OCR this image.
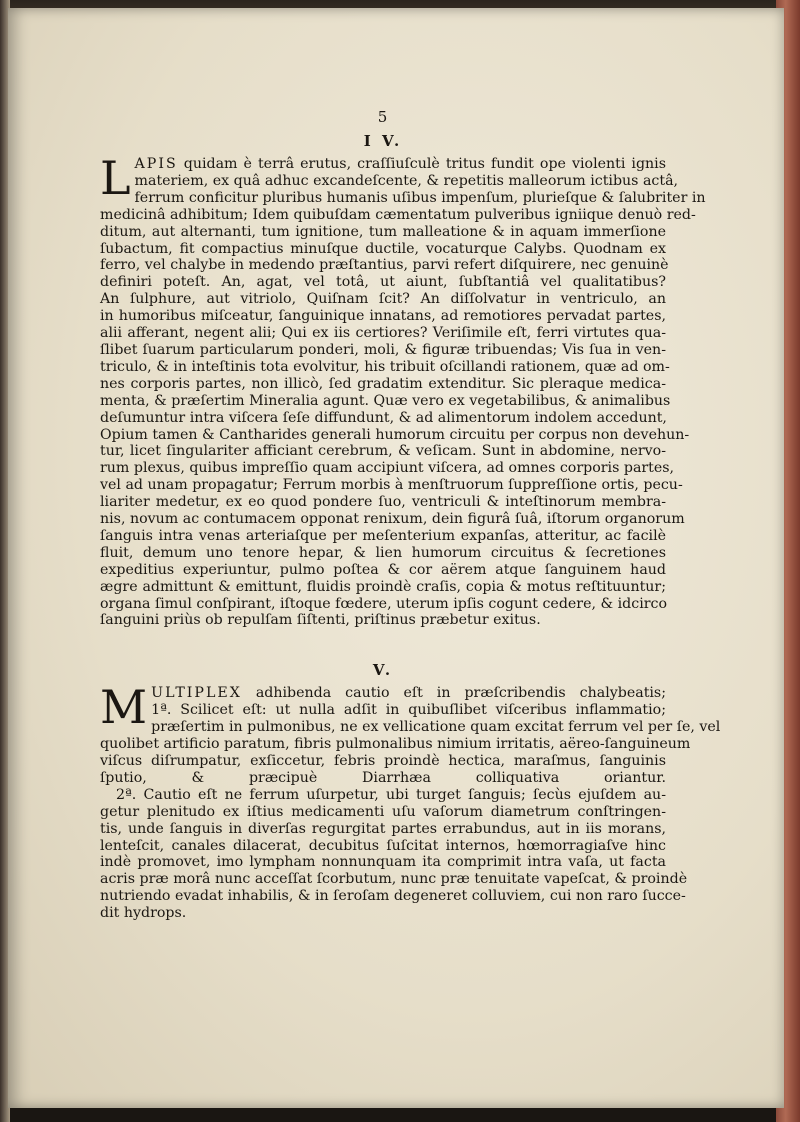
5
I V.
L APIS quidam è terrâ erutus, craſſiuſculè tritus fundit ope violenti ignis
materiem, ex quâ adhuc excandeſcente, & repetitis malleorum ictibus actâ,
ferrum conficitur pluribus humanis uſibus impenſum, plurieſque & ſalubriter in
medicinâ adhibitum; Idem quibuſdam cæmentatum pulveribus igniique denuò red-
ditum, aut alternanti, tum ignitione, tum malleatione & in aquam immerſione
ſubactum, fit compactius minuſque ductile, vocaturque Calybs. Quodnam ex
ferro, vel chalybe in medendo præſtantius, parvi refert diſquirere, nec genuinè
definiri poteſt. An, agat, vel totâ, ut aiunt, ſubſtantiâ vel qualitatibus?
An ſulphure, aut vitriolo, Quiſnam ſcit? An diſſolvatur in ventriculo, an
in humoribus miſceatur, ſanguinique innatans, ad remotiores pervadat partes,
alii afferant, negent alii; Qui ex iis certiores? Veriſimile eſt, ferri virtutes qua-
ſlibet ſuarum particularum ponderi, moli, & figuræ tribuendas; Vis ſua in ven-
triculo, & in inteſtinis tota evolvitur, his tribuit oſcillandi rationem, quæ ad om-
nes corporis partes, non illicò, ſed gradatim extenditur. Sic pleraque medica-
menta, & præſertim Mineralia agunt. Quæ vero ex vegetabilibus, & animalibus
deſumuntur intra viſcera ſeſe diffundunt, & ad alimentorum indolem accedunt,
Opium tamen & Cantharides generali humorum circuitu per corpus non devehun-
tur, licet ſingulariter afficiant cerebrum, & veſicam. Sunt in abdomine, nervo-
rum plexus, quibus impreſſio quam accipiunt viſcera, ad omnes corporis partes,
vel ad unam propagatur; Ferrum morbis à menſtruorum ſuppreſſione ortis, pecu-
liariter medetur, ex eo quod pondere ſuo, ventriculi & inteſtinorum membra-
nis, novum ac contumacem opponat renixum, dein figurâ ſuâ, iſtorum organorum
ſanguis intra venas arteriaſque per meſenterium expanſas, atteritur, ac facilè
fluit, demum uno tenore hepar, & lien humorum circuitus & ſecretiones
expeditius experiuntur, pulmo poſtea & cor aërem atque ſanguinem haud
ægre admittunt & emittunt, fluidis proindè craſis, copia & motus reſtituuntur;
organa ſimul conſpirant, iſtoque fœdere, uterum ipſis cogunt cedere, & idcirco
ſanguini priùs ob repulſam ſiſtenti, priſtinus præbetur exitus.
V.
M ULTIPLEX adhibenda cautio eſt in præſcribendis chalybeatis;
1ª. Scilicet eſt: ut nulla adſit in quibuſlibet viſceribus inflammatio;
præſertim in pulmonibus, ne ex vellicatione quam excitat ferrum vel per ſe, vel
quolibet artificio paratum, fibris pulmonalibus nimium irritatis, aëreo-ſanguineum
viſcus diſrumpatur, exſiccetur, febris proindè hectica, maraſmus, ſanguinis
ſputio, & præcipuè Diarrhæa colliquativa oriantur.
2ª. Cautio eſt ne ferrum uſurpetur, ubi turget ſanguis; ſecùs ejuſdem au-
getur plenitudo ex iſtius medicamenti uſu vaſorum diametrum conſtringen-
tis, unde ſanguis in diverſas regurgitat partes errabundus, aut in iis morans,
lenteſcit, canales dilacerat, decubitus ſuſcitat internos, hœmorragiaſve hinc
indè promovet, imo lympham nonnunquam ita comprimit intra vaſa, ut facta
acris præ morâ nunc acceſſat ſcorbutum, nunc præ tenuitate vapeſcat, & proindè
nutriendo evadat inhabilis, & in ſeroſam degeneret colluviem, cui non raro ſucce-
dit hydrops.
